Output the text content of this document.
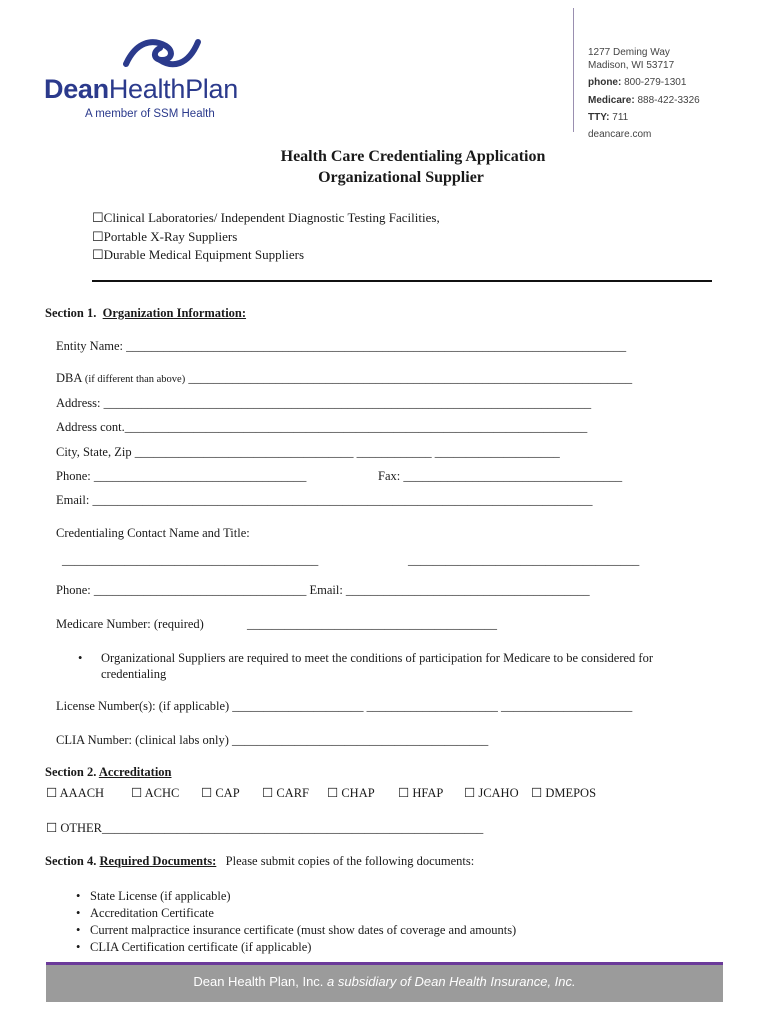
DeanHealthPlan
A member of SSM Health
1277 Deming Way
Madison, WI 53717
phone: 800-279-1301
Medicare: 888-422-3326
TTY: 711
deancare.com
Health Care Credentialing Application
Organizational Supplier
☐Clinical Laboratories/ Independent Diagnostic Testing Facilities,
☐Portable X-Ray Suppliers
☐Durable Medical Equipment Suppliers
Section 1. Organization Information:
Entity Name: ________________________________________________________________________________
DBA (if different than above) _______________________________________________________________________
Address: ______________________________________________________________________________
Address cont.__________________________________________________________________________
City, State, Zip ___________________________________ ____________ ____________________
Phone: __________________________________	Fax: ___________________________________
Email: ________________________________________________________________________________
Credentialing Contact Name and Title:
_________________________________________	_____________________________________
Phone: __________________________________ Email: _______________________________________
Medicare Number: (required)	________________________________________
• Organizational Suppliers are required to meet the conditions of participation for Medicare to be considered for
credentialing
License Number(s): (if applicable) _____________________ _____________________ _____________________
CLIA Number: (clinical labs only) _________________________________________
Section 2. Accreditation
☐ AAACH ☐ ACHC ☐ CAP ☐ CARF ☐ CHAP ☐ HFAP ☐ JCAHO ☐ DMEPOS
☐ OTHER_____________________________________________________________
Section 4. Required Documents: Please submit copies of the following documents:
• State License (if applicable)
• Accreditation Certificate
• Current malpractice insurance certificate (must show dates of coverage and amounts)
• CLIA Certification certificate (if applicable)
Dean Health Plan, Inc. a subsidiary of Dean Health Insurance, Inc.
